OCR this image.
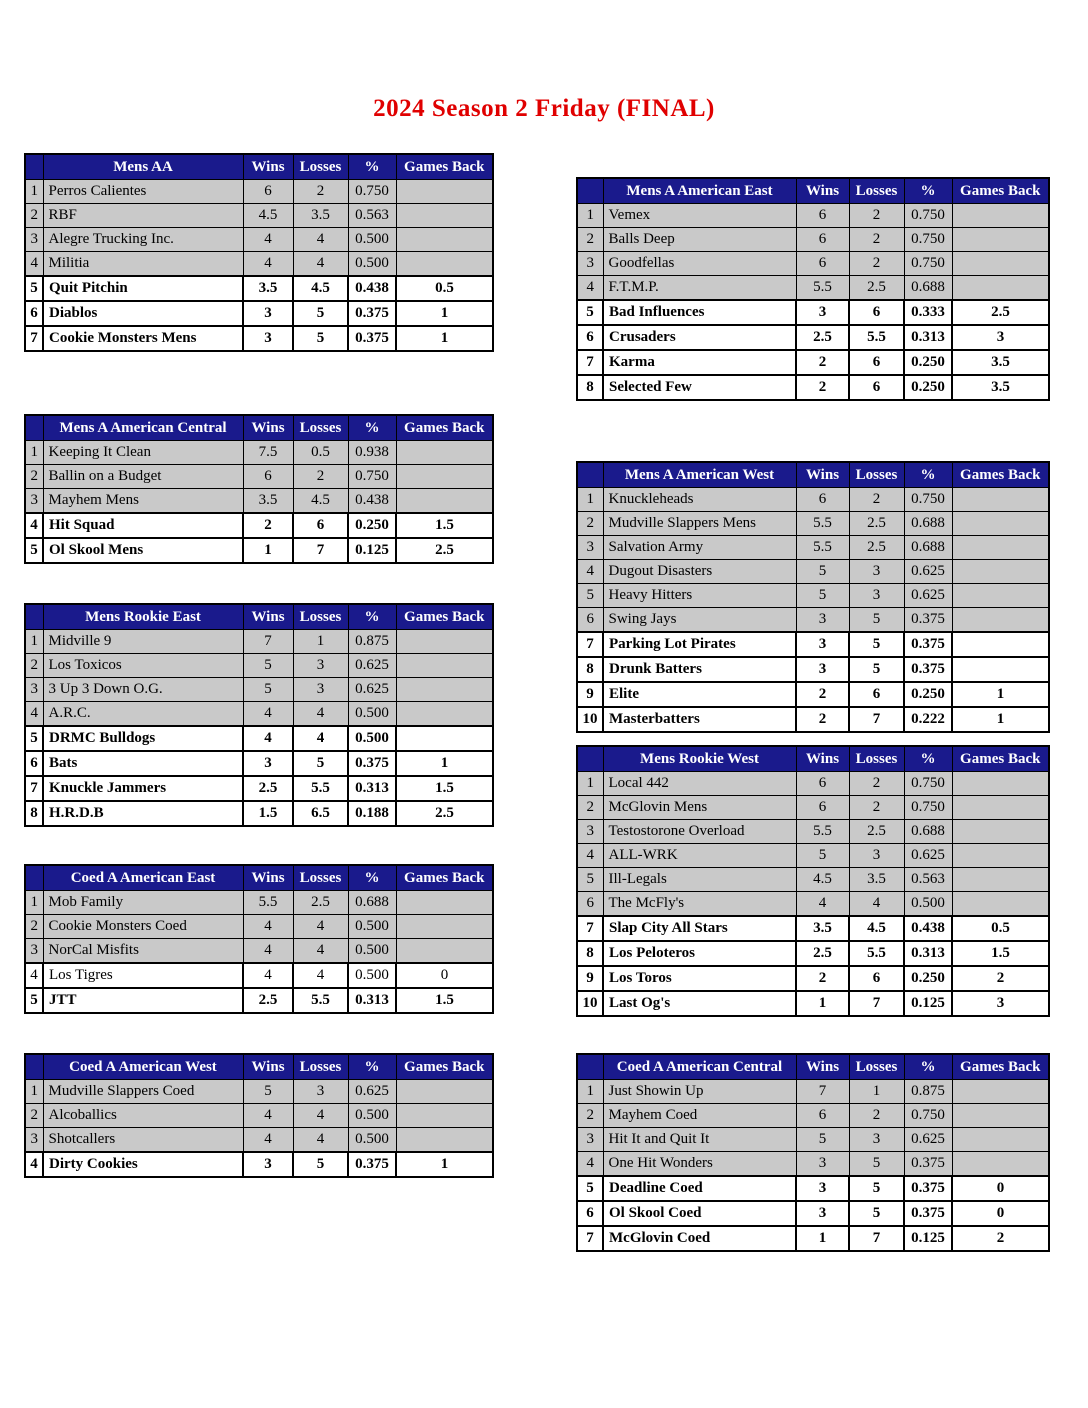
2024 Season 2 Friday (FINAL)
	Mens AA	Wins	Losses	%	Games Back
1	Perros Calientes	6	2	0.750	
2	RBF	4.5	3.5	0.563	
3	Alegre Trucking Inc.	4	4	0.500	
4	Militia	4	4	0.500	
5	Quit Pitchin	3.5	4.5	0.438	0.5
6	Diablos	3	5	0.375	1
7	Cookie Monsters Mens	3	5	0.375	1
	Mens A American Central	Wins	Losses	%	Games Back
1	Keeping It Clean	7.5	0.5	0.938	
2	Ballin on a Budget	6	2	0.750	
3	Mayhem Mens	3.5	4.5	0.438	
4	Hit Squad	2	6	0.250	1.5
5	Ol Skool Mens	1	7	0.125	2.5
	Mens Rookie East	Wins	Losses	%	Games Back
1	Midville 9	7	1	0.875	
2	Los Toxicos	5	3	0.625	
3	3 Up 3 Down O.G.	5	3	0.625	
4	A.R.C.	4	4	0.500	
5	DRMC Bulldogs	4	4	0.500	
6	Bats	3	5	0.375	1
7	Knuckle Jammers	2.5	5.5	0.313	1.5
8	H.R.D.B	1.5	6.5	0.188	2.5
	Coed A American East	Wins	Losses	%	Games Back
1	Mob Family	5.5	2.5	0.688	
2	Cookie Monsters Coed	4	4	0.500	
3	NorCal Misfits	4	4	0.500	
4	Los Tigres	4	4	0.500	0
5	JTT	2.5	5.5	0.313	1.5
	Coed A American West	Wins	Losses	%	Games Back
1	Mudville Slappers Coed	5	3	0.625	
2	Alcoballics	4	4	0.500	
3	Shotcallers	4	4	0.500	
4	Dirty Cookies	3	5	0.375	1
	Mens A American East	Wins	Losses	%	Games Back
1	Vemex	6	2	0.750	
2	Balls Deep	6	2	0.750	
3	Goodfellas	6	2	0.750	
4	F.T.M.P.	5.5	2.5	0.688	
5	Bad Influences	3	6	0.333	2.5
6	Crusaders	2.5	5.5	0.313	3
7	Karma	2	6	0.250	3.5
8	Selected Few	2	6	0.250	3.5
	Mens A American West	Wins	Losses	%	Games Back
1	Knuckleheads	6	2	0.750	
2	Mudville Slappers Mens	5.5	2.5	0.688	
3	Salvation Army	5.5	2.5	0.688	
4	Dugout Disasters	5	3	0.625	
5	Heavy Hitters	5	3	0.625	
6	Swing Jays	3	5	0.375	
7	Parking Lot Pirates	3	5	0.375	
8	Drunk Batters	3	5	0.375	
9	Elite	2	6	0.250	1
10	Masterbatters	2	7	0.222	1
	Mens Rookie West	Wins	Losses	%	Games Back
1	Local 442	6	2	0.750	
2	McGlovin Mens	6	2	0.750	
3	Testostorone Overload	5.5	2.5	0.688	
4	ALL-WRK	5	3	0.625	
5	Ill-Legals	4.5	3.5	0.563	
6	The McFly's	4	4	0.500	
7	Slap City All Stars	3.5	4.5	0.438	0.5
8	Los Peloteros	2.5	5.5	0.313	1.5
9	Los Toros	2	6	0.250	2
10	Last Og's	1	7	0.125	3
	Coed A American Central	Wins	Losses	%	Games Back
1	Just Showin Up	7	1	0.875	
2	Mayhem Coed	6	2	0.750	
3	Hit It and Quit It	5	3	0.625	
4	One Hit Wonders	3	5	0.375	
5	Deadline Coed	3	5	0.375	0
6	Ol Skool Coed	3	5	0.375	0
7	McGlovin Coed	1	7	0.125	2
